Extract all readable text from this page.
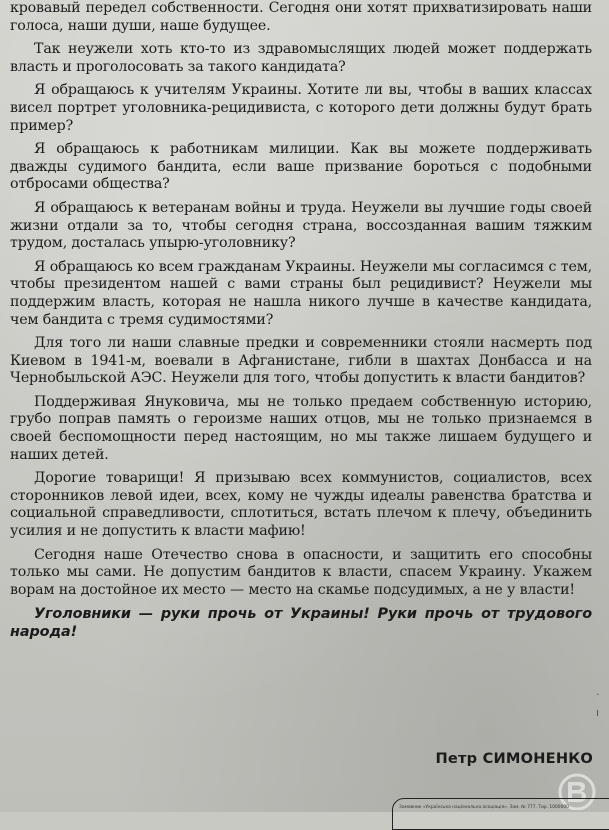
кровавый передел собственности. Сегодня они хотят прихватизировать наши голоса, наши души, наше будущее.

Так неужели хоть кто-то из здравомыслящих людей может поддержать власть и проголосовать за такого кандидата?

Я обращаюсь к учителям Украины. Хотите ли вы, чтобы в ваших классах висел портрет уголовника-рецидивиста, с которого дети должны будут брать пример?

Я обращаюсь к работникам милиции. Как вы можете поддерживать дважды судимого бандита, если ваше призвание бороться с подобными отбросами общества?

Я обращаюсь к ветеранам войны и труда. Неужели вы лучшие годы своей жизни отдали за то, чтобы сегодня страна, воссозданная вашим тяжким трудом, досталась упырю-уголовнику?

Я обращаюсь ко всем гражданам Украины. Неужели мы согласимся с тем, чтобы президентом нашей с вами страны был рецидивист? Неужели мы поддержим власть, которая не нашла никого лучше в качестве кандидата, чем бандита с тремя судимостями?

Для того ли наши славные предки и современники стояли насмерть под Киевом в 1941-м, воевали в Афганистане, гибли в шахтах Донбасса и на Чернобыльской АЭС. Неужели для того, чтобы допустить к власти бандитов?

Поддерживая Януковича, мы не только предаем собственную историю, грубо поправ память о героизме наших отцов, мы не только признаемся в своей беспомощности перед настоящим, но мы также лишаем будущего и наших детей.

Дорогие товарищи! Я призываю всех коммунистов, социалистов, всех сторонников левой идеи, всех, кому не чужды идеалы равенства братства и социальной справедливости, сплотиться, встать плечом к плечу, объединить усилия и не допустить к власти мафию!

Сегодня наше Отечество снова в опасности, и защитить его способны только мы сами. Не допустим бандитов к власти, спасем Украину. Укажем ворам на достойное их место — место на скамье подсудимых, а не у власти!

Уголовники — руки прочь от Украины! Руки прочь от трудового народа!

Петр СИМОНЕНКО
·
ı
Замовник «Українська національна асоціація». Зам. № 777. Тир. 1000000
